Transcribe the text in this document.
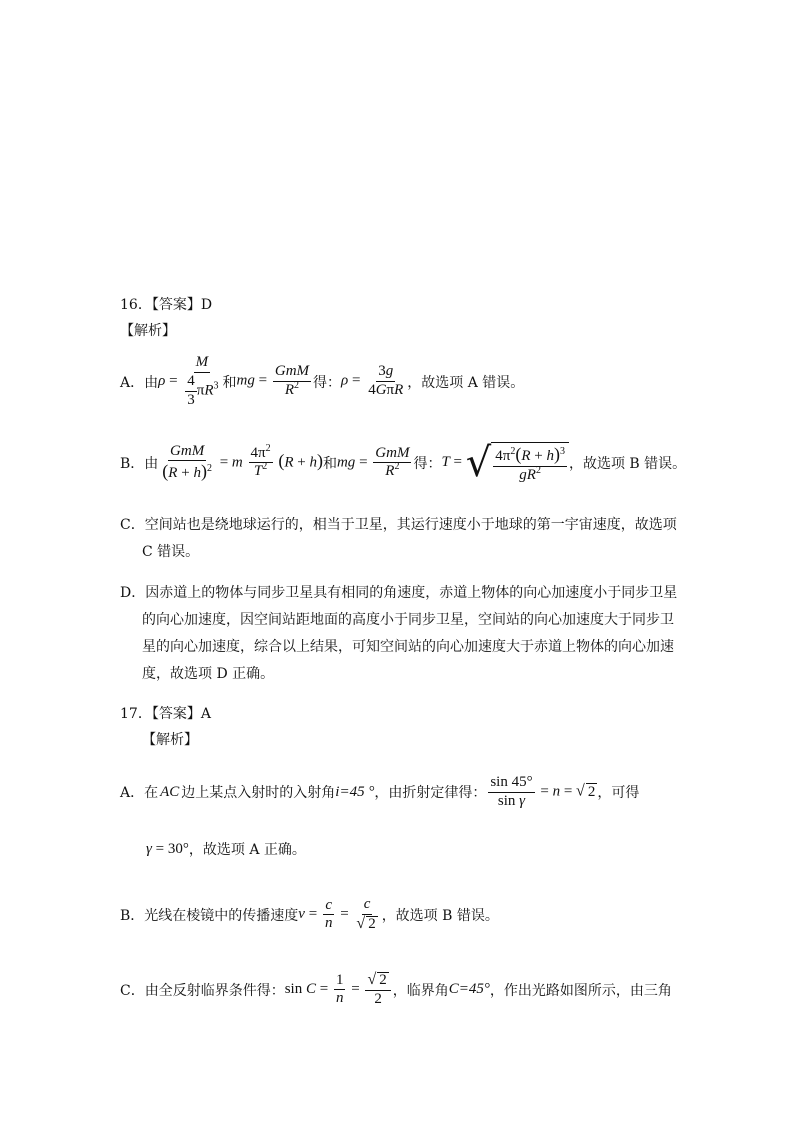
16．【答案】D
【解析】
A．由 $\rho = \frac{M}{\frac{4}{3} \pi R^3}$ 和 mg = $\frac{\text{GmM}}{R^2}$ 得： $\rho = \frac{3g}{\text{4GπR}}$ ，故选项 A 错误。
B．由 $\frac{\text{GmM}}{(R + h)^2} = m \frac{4\pi^2}{T^2} (R + h)$ 和 mg = $\frac{\text{GmM}}{R^2}$ 得： T = √ $\frac{4\pi^2(R + h)^3}{gR^2}$ ，故选项 B 错误。
C．空间站也是绕地球运行的，相当于卫星，其运行速度小于地球的第一宇宙速度，故选项
C 错误。
D．因赤道上的物体与同步卫星具有相同的角速度，赤道上物体的向心加速度小于同步卫星
的向心加速度，因空间站距地面的高度小于同步卫星，空间站的向心加速度大于同步卫
星的向心加速度，综合以上结果，可知空间站的向心加速度大于赤道上物体的向心加速
度，故选项 D 正确。
17．【答案】A
【解析】
A．在 AC 边上某点入射时的入射角 i=45 ° ，由折射定律得： $\frac{\sin 45^\circ}{\text{sin γ}} = n$ = √ 2 ，可得
γ = 30° ，故选项 A 正确。
B．光线在棱镜中的传播速度 $v = \frac{c}{n} = \frac{c}{√ 2}$ ，故选项 B 错误。
C．由全反射临界条件得： $\sin C = \frac{1}{n} = \frac{√ 2}{2}$ ，临界角 C=45° ，作出光路如图所示，由三角
